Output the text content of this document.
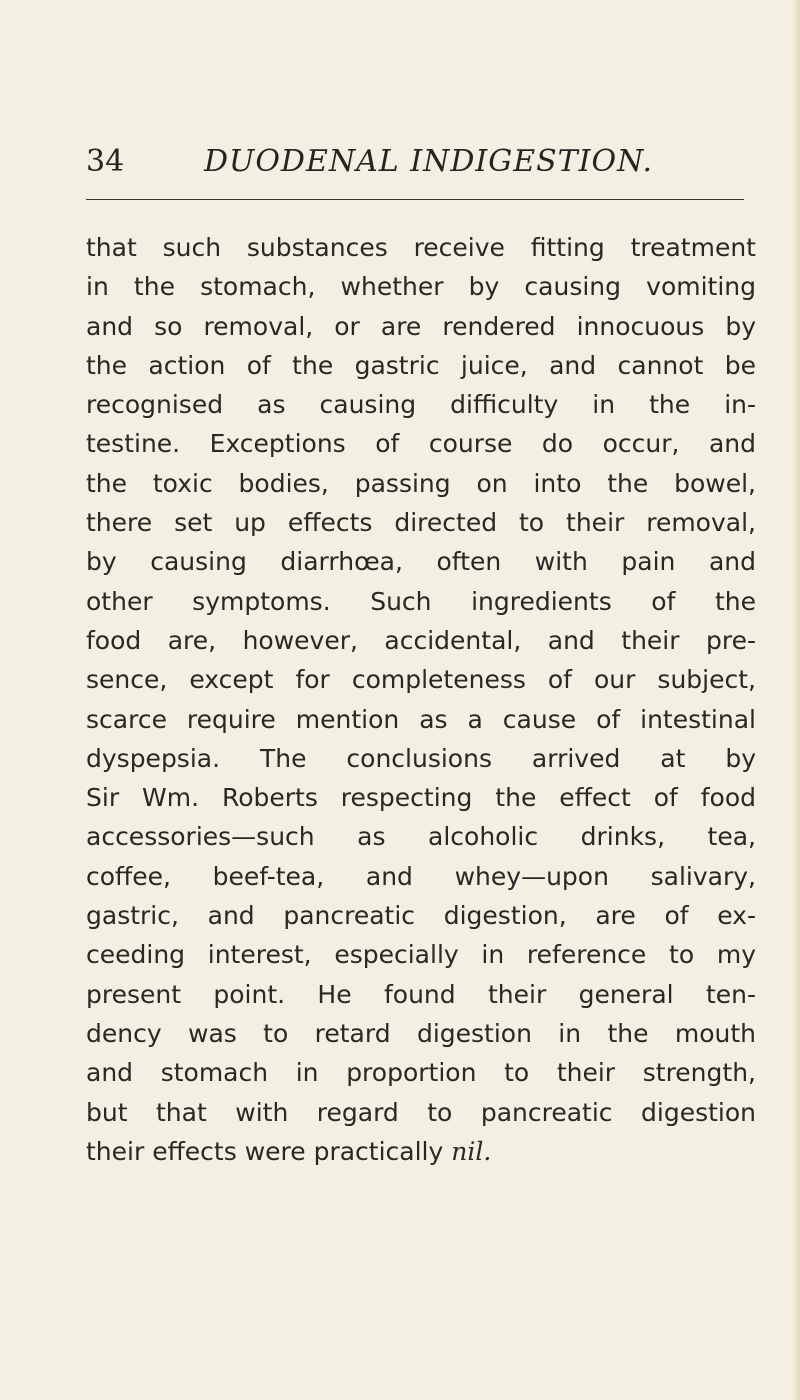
34	DUODENAL INDIGESTION.
that such substances receive fitting treatment
in the stomach, whether by causing vomiting
and so removal, or are rendered innocuous by
the action of the gastric juice, and cannot be
recognised as causing difficulty in the in-
testine. Exceptions of course do occur, and
the toxic bodies, passing on into the bowel,
there set up effects directed to their removal,
by causing diarrhœa, often with pain and
other symptoms. Such ingredients of the
food are, however, accidental, and their pre-
sence, except for completeness of our subject,
scarce require mention as a cause of intestinal
dyspepsia. The conclusions arrived at by
Sir Wm. Roberts respecting the effect of food
accessories—such as alcoholic drinks, tea,
coffee, beef-tea, and whey—upon salivary,
gastric, and pancreatic digestion, are of ex-
ceeding interest, especially in reference to my
present point. He found their general ten-
dency was to retard digestion in the mouth
and stomach in proportion to their strength,
but that with regard to pancreatic digestion
their effects were practically nil.
